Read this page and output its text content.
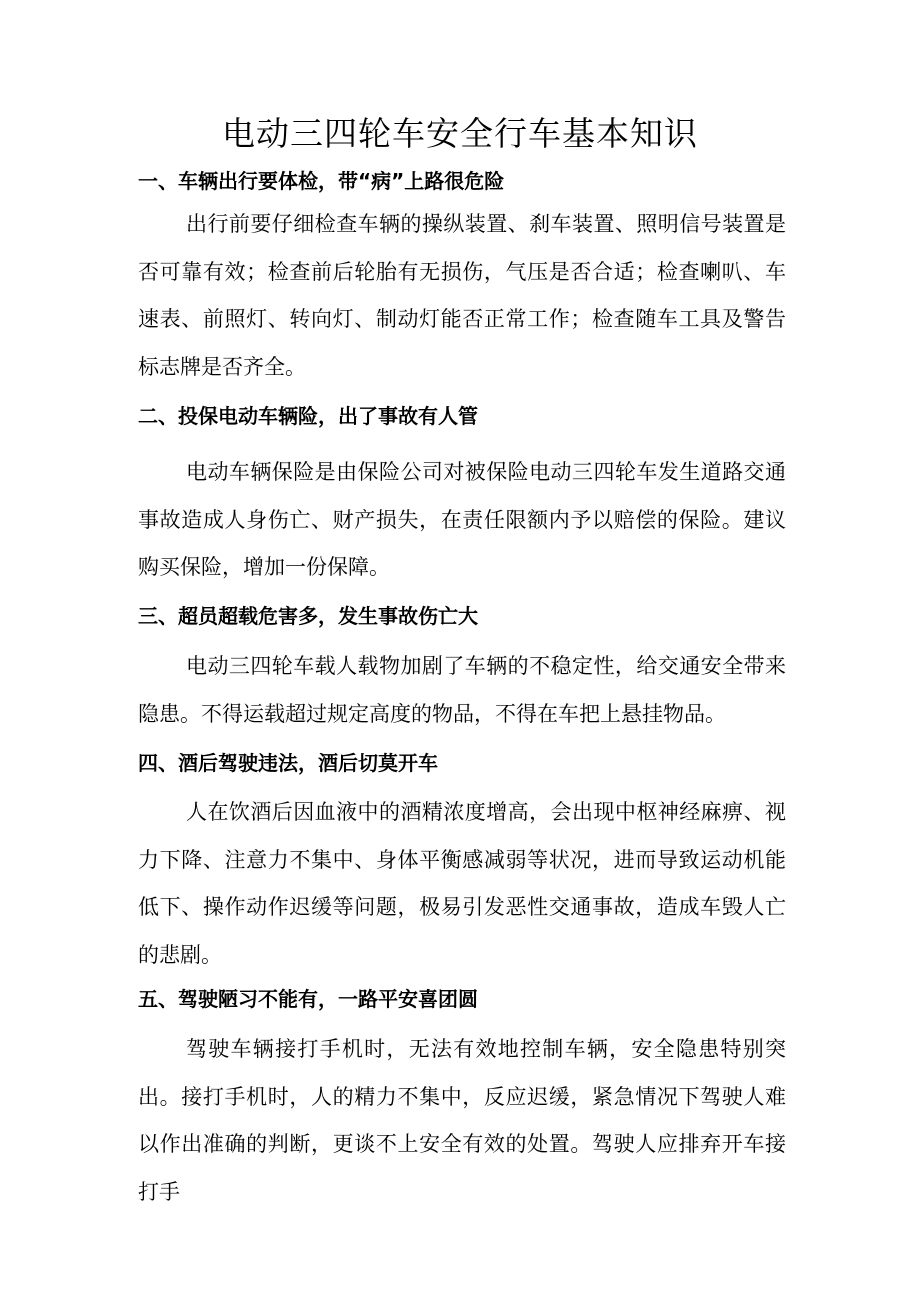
电动三四轮车安全行车基本知识
一、车辆出行要体检，带“病”上路很危险

出行前要仔细检查车辆的操纵装置、刹车装置、照明信号装置是否可靠有效；检查前后轮胎有无损伤，气压是否合适；检查喇叭、车速表、前照灯、转向灯、制动灯能否正常工作；检查随车工具及警告标志牌是否齐全。

二、投保电动车辆险，出了事故有人管

电动车辆保险是由保险公司对被保险电动三四轮车发生道路交通事故造成人身伤亡、财产损失，在责任限额内予以赔偿的保险。建议购买保险，增加一份保障。

三、超员超载危害多，发生事故伤亡大

电动三四轮车载人载物加剧了车辆的不稳定性，给交通安全带来隐患。不得运载超过规定高度的物品，不得在车把上悬挂物品。

四、酒后驾驶违法，酒后切莫开车

人在饮酒后因血液中的酒精浓度增高，会出现中枢神经麻痹、视力下降、注意力不集中、身体平衡感减弱等状况，进而导致运动机能低下、操作动作迟缓等问题，极易引发恶性交通事故，造成车毁人亡的悲剧。

五、驾驶陋习不能有，一路平安喜团圆

驾驶车辆接打手机时，无法有效地控制车辆，安全隐患特别突出。接打手机时，人的精力不集中，反应迟缓，紧急情况下驾驶人难以作出准确的判断，更谈不上安全有效的处置。驾驶人应排弃开车接打手
